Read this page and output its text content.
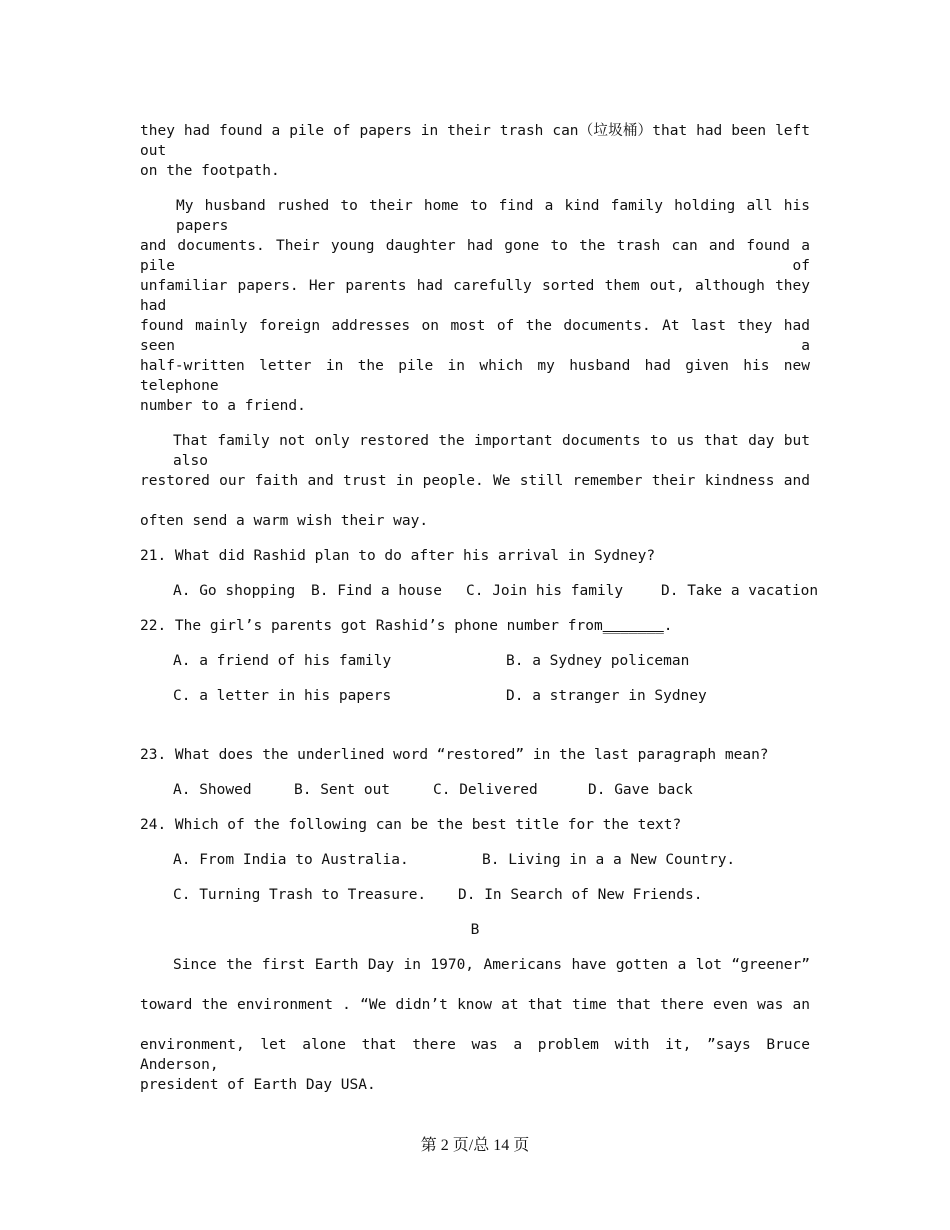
they had found a pile of papers in their trash can（垃圾桶）that had been left out
on the footpath.
My husband rushed to their home to find a kind family holding all his papers
and documents. Their young daughter had gone to the trash can and found a pile of
unfamiliar papers. Her parents had carefully sorted them out, although they had
found mainly foreign addresses on most of the documents. At last they had seen a
half-written letter in the pile in which my husband had given his new telephone
number to a friend.
That family not only restored the important documents to us that day but also
restored our faith and trust in people. We still remember their kindness and
often send a warm wish their way.
21. What did Rashid plan to do after his arrival in Sydney?
A. Go shopping B. Find a house C. Join his family	D. Take a vacation
22. The girl’s parents got Rashid’s phone number from_______.
A. a friend of his family	B. a Sydney policeman
C. a letter in his papers	D. a stranger in Sydney
23. What does the underlined word “restored” in the last paragraph mean?
A. Showed	B. Sent out	C. Delivered	D. Gave back
24. Which of the following can be the best title for the text?
A. From India to Australia.	B. Living in a a New Country.
C. Turning Trash to Treasure. D. In Search of New Friends.
B
Since the first Earth Day in 1970, Americans have gotten a lot “greener”
toward the environment . “We didn’t know at that time that there even was an
environment, let alone that there was a problem with it, ”says Bruce Anderson,
president of Earth Day USA.
第 2 页/总 14 页
